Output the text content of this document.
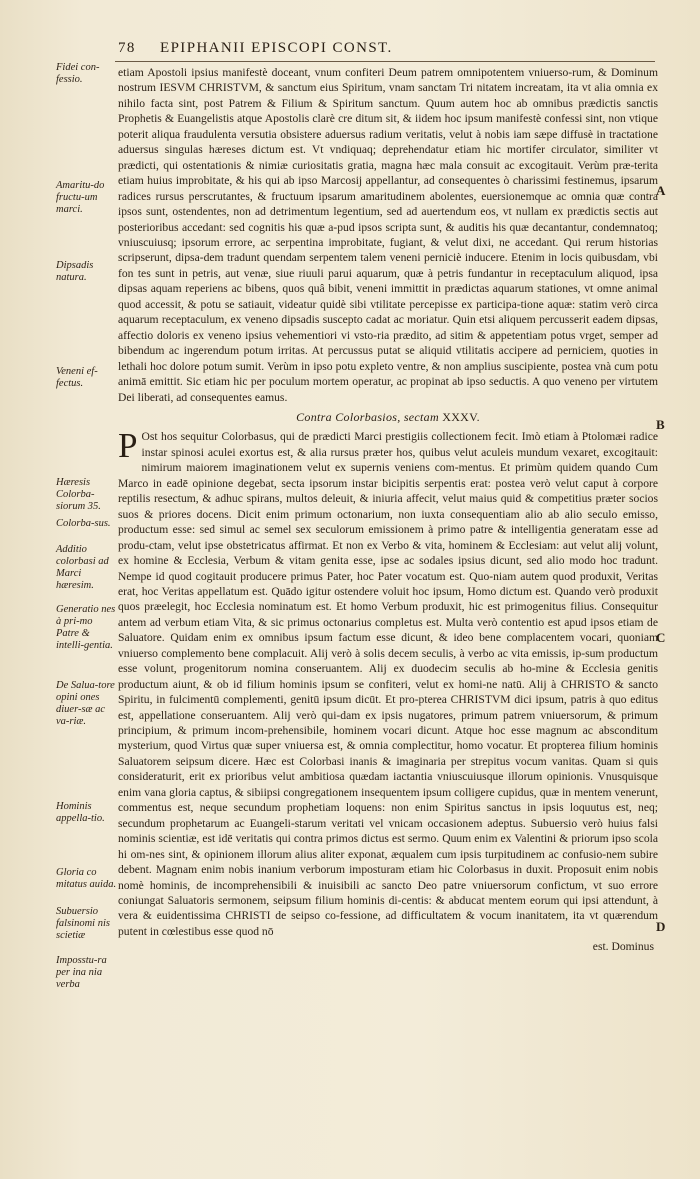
78 EPIPHANII EPISCOPI CONST.
Fidei con-fessio.
Amaritu-do fructu-um marci.
Dipsadis natura.
Veneni ef-fectus.
Hæresis Colorba-siorum 35.
Colorba-sus.
Additio colorbasi ad Marci hæresim.
Generatio nes à pri-mo Patre & intelli-gentia.
De Salua-tore opini ones diuer-sæ ac va-riæ.
Hominis appella-tio.
Gloria co mitatus auida.
Subuersio falsinomi nis scietiæ
Imposstu-ra per ina nia verba
A
B
C
D

etiam Apostoli ipsius manifestè doceant, vnum confiteri Deum patrem omnipotentem vniuerso-rum, & Dominum nostrum IESVM CHRISTVM, & sanctum eius Spiritum, vnam sanctam Tri nitatem increatam, ita vt alia omnia ex nihilo facta sint, post Patrem & Filium & Spiritum sanctum. Quum autem hoc ab omnibus prædictis sanctis Prophetis & Euangelistis atque Apostolis clarè cre ditum sit, & iidem hoc ipsum manifestè confessi sint, non vtique poterit aliqua fraudulenta versutia obsistere aduersus radium veritatis, velut à nobis iam sæpe diffusè in tractatione aduersus singulas hæreses dictum est. Vt vndiquaq; deprehendatur etiam hic mortifer circulator, similiter vt prædicti, qui ostentationis & nimiæ curiositatis gratia, magna hæc mala consuit ac excogitauit. Verùm præ-terita etiam huius improbitate, & his qui ab ipso Marcosij appellantur, ad consequentes ò charissimi festinemus, ipsarum radices rursus perscrutantes, & fructuum ipsarum amaritudinem abolentes, euersionemque ac omnia quæ contra ipsos sunt, ostendentes, non ad detrimentum legentium, sed ad auertendum eos, vt nullam ex prædictis sectis aut posterioribus accedant: sed cognitis his quæ a-pud ipsos scripta sunt, & auditis his quæ decantantur, condemnatoq; vniuscuiusq; ipsorum errore, ac serpentina improbitate, fugiant, & velut dixi, ne accedant. Qui rerum historias scripserunt, dipsa-dem tradunt quendam serpentem talem veneni perniciè inducere. Etenim in locis quibusdam, vbi fon tes sunt in petris, aut venæ, siue riuuli parui aquarum, quæ à petris fundantur in receptaculum aliquod, ipsa dipsas aquam reperiens ac bibens, quos quâ bibit, veneni immittit in prædictas aquarum stationes, vt omne animal quod accessit, & potu se satiauit, videatur quidè sibi vtilitate percepisse ex participa-tione aquæ: statim verò circa aquarum receptaculum, ex veneno dipsadis suscepto cadat ac moriatur. Quin etsi aliquem percusserit eadem dipsas, affectio doloris ex veneno ipsius vehementiori vi vsto-ria prædito, ad sitim & appetentiam potus vrget, semper ad bibendum ac ingerendum potum irritas. At percussus putat se aliquid vtilitatis accipere ad perniciem, quoties in lethali hoc dolore potum sumit. Verùm in ipso potu expleto ventre, & non amplius suscipiente, postea vnà cum potu animā emittit. Sic etiam hic per poculum mortem operatur, ac propinat ab ipso seductis. A quo veneno per virtutem Dei liberati, ad consequentes eamus.

Contra Colorbasios, sectam XXXV.

P Ost hos sequitur Colorbasus, qui de prædicti Marci prestigiis collectionem fecit. Imò etiam à Ptolomæi radice instar spinosi aculei exortus est, & alia rursus præter hos, quibus velut aculeis mundum vexaret, excogitauit: nimirum maiorem imaginationem velut ex supernis veniens com-mentus. Et primùm quidem quando Cum Marco in eadē opinione degebat, secta ipsorum instar bicipitis serpentis erat: postea verò velut caput à corpore reptilis resectum, & adhuc spirans, multos deleuit, & iniuria affecit, velut maius quid & competitius præter socios suos & priores docens. Dicit enim primum octonarium, non iuxta consequentiam alio ab alio seculo emisso, productum esse: sed simul ac semel sex seculorum emissionem à primo patre & intelligentia generatam esse ad produ-ctam, velut ipse obstetricatus affirmat. Et non ex Verbo & vita, hominem & Ecclesiam: aut velut alij volunt, ex homine & Ecclesia, Verbum & vitam genita esse, ipse ac sodales ipsius dicunt, sed alio modo hoc tradunt. Nempe id quod cogitauit producere primus Pater, hoc Pater vocatum est. Quo-niam autem quod produxit, Veritas erat, hoc Veritas appellatum est. Quādo igitur ostendere voluit hoc ipsum, Homo dictum est. Quando verò produxit quos præelegit, hoc Ecclesia nominatum est. Et homo Verbum produxit, hic est primogenitus filius. Consequitur antem ad verbum etiam Vita, & sic primus octonarius completus est. Multa verò contentio est apud ipsos etiam de Saluatore. Quidam enim ex omnibus ipsum factum esse dicunt, & ideo bene complacentem vocari, quoniam vniuerso complemento bene complacuit. Alij verò à solis decem seculis, à verbo ac vita emissis, ip-sum productum esse volunt, progenitorum nomina conseruantem. Alij ex duodecim seculis ab ho-mine & Ecclesia genitis productum aiunt, & ob id filium hominis ipsum se confiteri, velut ex homi-ne natū. Alij à CHRISTO & sancto Spiritu, in fulcimentū complementi, genitū ipsum dicūt. Et pro-pterea CHRISTVM dici ipsum, patris à quo editus est, appellatione conseruantem. Alij verò qui-dam ex ipsis nugatores, primum patrem vniuersorum, & primum principium, & primum incom-prehensibile, hominem vocari dicunt. Atque hoc esse magnum ac absconditum mysterium, quod Virtus quæ super vniuersa est, & omnia complectitur, homo vocatur. Et propterea filium hominis Saluatorem seipsum dicere. Hæc est Colorbasi inanis & imaginaria per strepitus vocum vanitas. Quam si quis consideraturit, erit ex prioribus velut ambitiosa quædam iactantia vniuscuiusque illorum opinionis. Vnusquisque enim vana gloria captus, & sibiipsi congregationem insequentem ipsum colligere cupidus, quæ in mentem venerunt, commentus est, neque secundum prophetiam loquens: non enim Spiritus sanctus in ipsis loquutus est, neq; secundum prophetarum ac Euangeli-starum veritati vel vnicam occasionem adeptus. Subuersio verò huius falsi nominis scientiæ, est idē veritatis qui contra primos dictus est sermo. Quum enim ex Valentini & priorum ipso scola hi om-nes sint, & opinionem illorum alius aliter exponat, æqualem cum ipsis turpitudinem ac confusio-nem subire debent. Magnam enim nobis inanium verborum imposturam etiam hic Colorbasus in duxit. Proposuit enim nobis nomè hominis, de incomprehensibili & inuisibili ac sancto Deo patre vniuersorum confictum, vt suo errore coniungat Saluatoris sermonem, seipsum filium hominis di-centis: & abducat mentem eorum qui ipsi attendunt, à vera & euidentissima CHRISTI de seipso co-fessione, ad difficultatem & vocum inanitatem, ita vt quærendum putent in cœlestibus esse quod nō

est. Dominus
